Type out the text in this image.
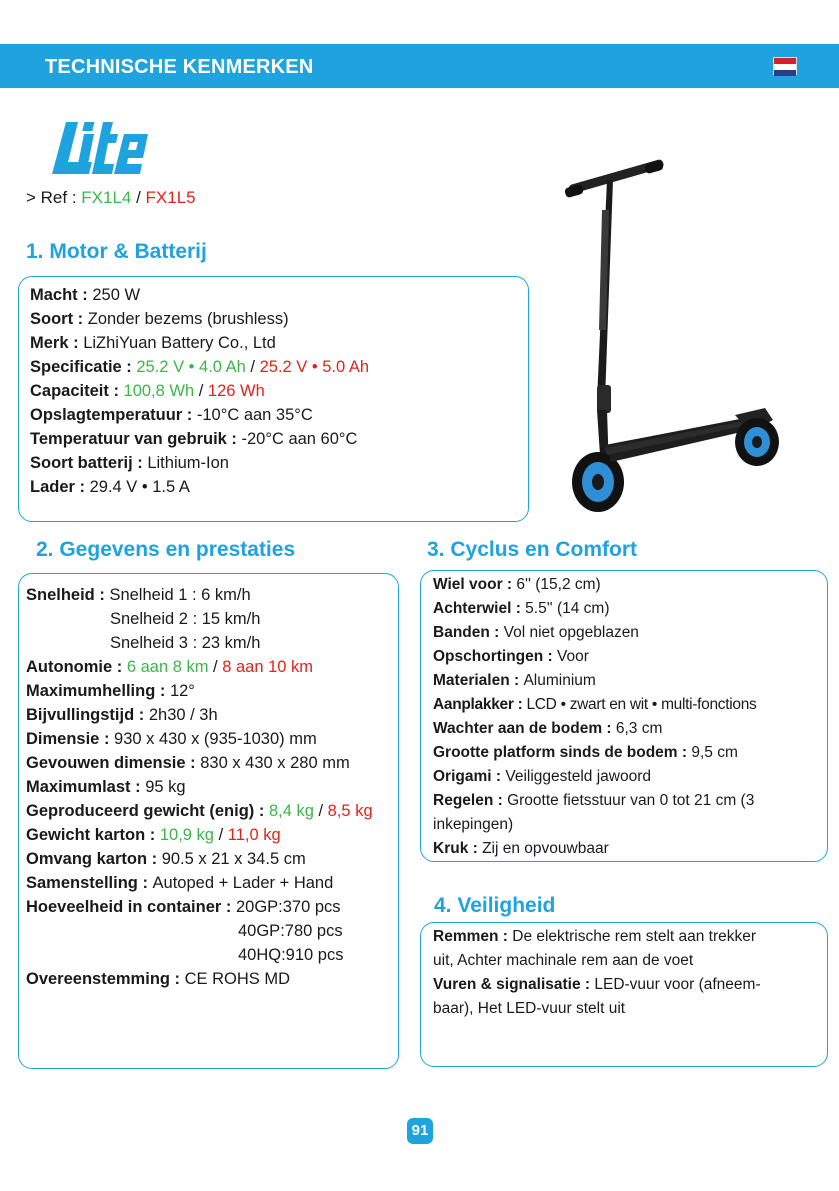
TECHNISCHE KENMERKEN
> Ref : FX1L4 / FX1L5
1. Motor & Batterij
Macht : 250 W
Soort : Zonder bezems (brushless)
Merk : LiZhiYuan Battery Co., Ltd
Specificatie : 25.2 V • 4.0 Ah / 25.2 V • 5.0 Ah
Capaciteit : 100,8 Wh / 126 Wh
Opslagtemperatuur : -10°C aan 35°C
Temperatuur van gebruik : -20°C aan 60°C
Soort batterij : Lithium-Ion
Lader : 29.4 V • 1.5 A
2. Gegevens en prestaties
Snelheid : Snelheid 1 : 6 km/h
Snelheid 2 : 15 km/h
Snelheid 3 : 23 km/h
Autonomie : 6 aan 8 km / 8 aan 10 km
Maximumhelling : 12°
Bijvullingstijd : 2h30 / 3h
Dimensie : 930 x 430 x (935-1030) mm
Gevouwen dimensie : 830 x 430 x 280 mm
Maximumlast : 95 kg
Geproduceerd gewicht (enig) : 8,4 kg / 8,5 kg
Gewicht karton : 10,9 kg / 11,0 kg
Omvang karton : 90.5 x 21 x 34.5 cm
Samenstelling : Autoped + Lader + Hand
Hoeveelheid in container : 20GP:370 pcs
40GP:780 pcs
40HQ:910 pcs
Overeenstemming : CE ROHS MD
3. Cyclus en Comfort
Wiel voor : 6'' (15,2 cm)
Achterwiel : 5.5'' (14 cm)
Banden : Vol niet opgeblazen
Opschortingen : Voor
Materialen : Aluminium
Aanplakker : LCD • zwart en wit • multi-fonctions
Wachter aan de bodem : 6,3 cm
Grootte platform sinds de bodem : 9,5 cm
Origami : Veiliggesteld jawoord
Regelen : Grootte fietsstuur van 0 tot 21 cm (3
inkepingen)
Kruk : Zij en opvouwbaar
4. Veiligheid
Remmen : De elektrische rem stelt aan trekker
uit, Achter machinale rem aan de voet
Vuren & signalisatie : LED-vuur voor (afneem-
baar), Het LED-vuur stelt uit
91
